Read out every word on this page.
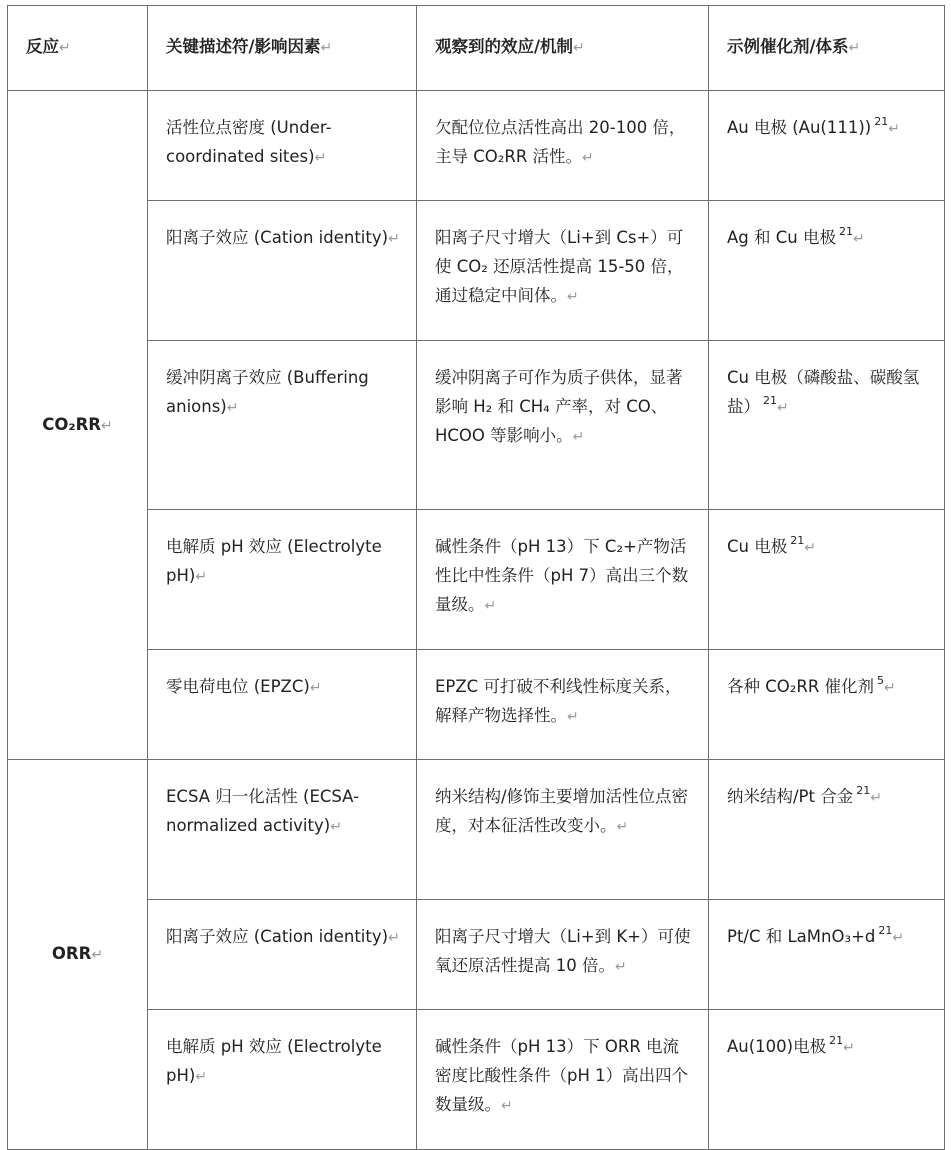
反应↵	关键描述符/影响因素↵	观察到的效应/机制↵	示例催化剂/体系↵
CO₂RR↵	活性位点密度 (Under-coordinated sites)↵	欠配位位点活性高出 20-100 倍，主导 CO₂RR 活性。↵	Au 电极 (Au(111)) $^{21}$↵
	阳离子效应 (Cation identity)↵	阳离子尺寸增大（Li+到 Cs+）可使 CO₂ 还原活性提高 15-50 倍，通过稳定中间体。↵	Ag 和 Cu 电极 $^{21}$↵
	缓冲阴离子效应 (Buffering anions)↵	缓冲阴离子可作为质子供体，显著影响 H₂ 和 CH₄ 产率，对 CO、HCOO 等影响小。↵	Cu 电极（磷酸盐、碳酸氢盐） $^{21}$↵
	电解质 pH 效应 (Electrolyte pH)↵	碱性条件（pH 13）下 C₂+产物活性比中性条件（pH 7）高出三个数量级。↵	Cu 电极 $^{21}$↵
	零电荷电位 (EPZC)↵	EPZC 可打破不利线性标度关系，解释产物选择性。↵	各种 CO₂RR 催化剂 $^5$↵
ORR↵	ECSA 归一化活性 (ECSA-normalized activity)↵	纳米结构/修饰主要增加活性位点密度，对本征活性改变小。↵	纳米结构/Pt 合金 $^{21}$↵
	阳离子效应 (Cation identity)↵	阳离子尺寸增大（Li+到 K+）可使氧还原活性提高 10 倍。↵	Pt/C 和 LaMnO₃+d $^{21}$↵
	电解质 pH 效应 (Electrolyte pH)↵	碱性条件（pH 13）下 ORR 电流密度比酸性条件（pH 1）高出四个数量级。↵	Au(100)电极 $^{21}$↵
